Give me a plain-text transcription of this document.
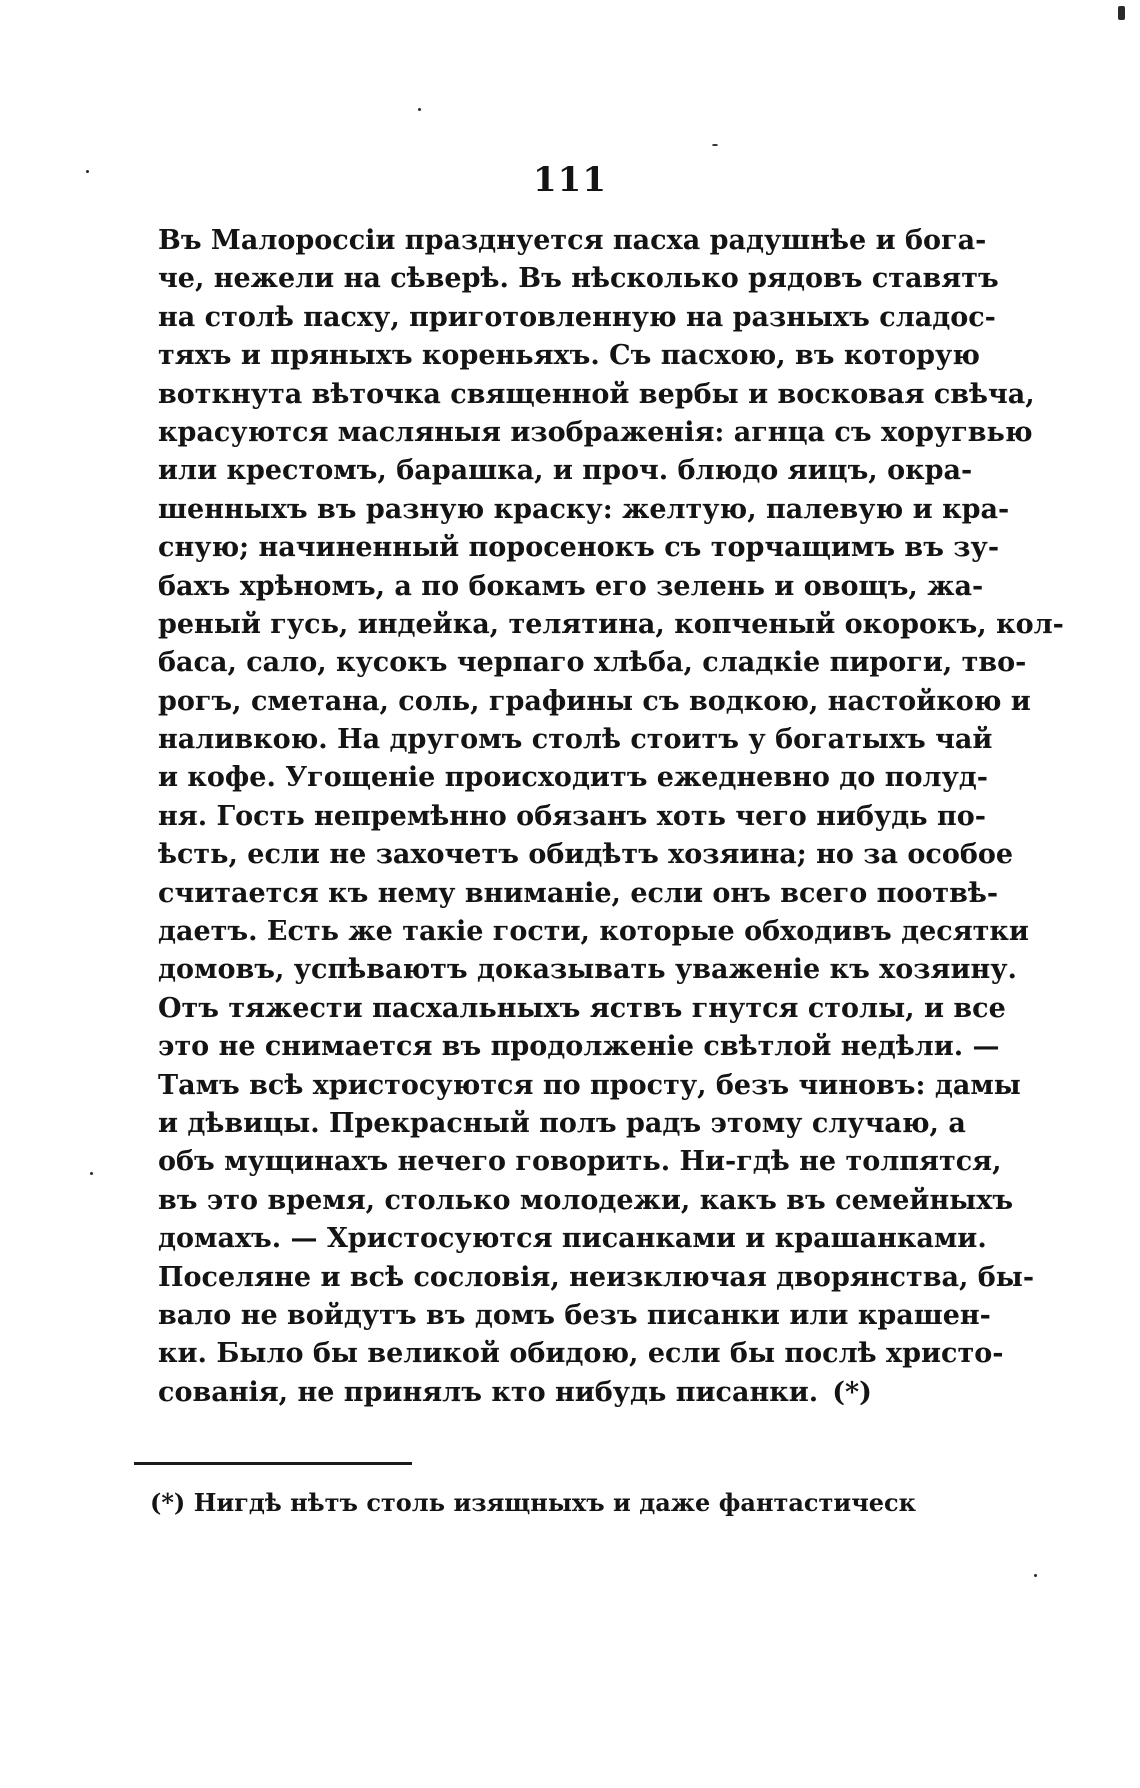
111
Въ Малороссіи празднуется пасха радушнѣе и бога-
че, нежели на сѣверѣ. Въ нѣсколько рядовъ ставятъ
на столѣ пасху, приготовленную на разныхъ сладос-
тяхъ и пряныхъ кореньяхъ. Съ пасхою, въ которую
воткнута вѣточка священной вербы и восковая свѣча,
красуются масляныя изображенія: агнца съ хоругвью
или крестомъ, барашка, и проч. блюдо яицъ, окра-
шенныхъ въ разную краску: желтую, палевую и кра-
сную; начиненный поросенокъ съ торчащимъ въ зу-
бахъ хрѣномъ, а по бокамъ его зелень и овощъ, жа-
реный гусь, индейка, телятина, копченый окорокъ, кол-
баса, сало, кусокъ черпаго хлѣба, сладкіе пироги, тво-
рогъ, сметана, соль, графины съ водкою, настойкою и
наливкою. На другомъ столѣ стоитъ у богатыхъ чай
и кофе. Угощеніе происходитъ ежедневно до полуд-
ня. Гость непремѣнно обязанъ хоть чего нибудь по-
ѣсть, если не захочетъ обидѣтъ хозяина; но за особое
считается къ нему вниманіе, если онъ всего поотвѣ-
даетъ. Есть же такіе гости, которые обходивъ десятки
домовъ, успѣваютъ доказывать уваженіе къ хозяину.
Отъ тяжести пасхальныхъ яствъ гнутся столы, и все
это не снимается въ продолженіе свѣтлой недѣли. —
Тамъ всѣ христосуются по просту, безъ чиновъ: дамы
и дѣвицы. Прекрасный полъ радъ этому случаю, а
объ мущинахъ нечего говорить. Ни-гдѣ не толпятся,
въ это время, столько молодежи, какъ въ семейныхъ
домахъ. — Христосуются писанками и крашанками.
Поселяне и всѣ сословія, неизключая дворянства, бы-
вало не войдутъ въ домъ безъ писанки или крашен-
ки. Было бы великой обидою, если бы послѣ христо-
сованія, не принялъ кто нибудь писанки. (*)
(*) Нигдѣ нѣтъ столь изящныхъ и даже фантастическ
